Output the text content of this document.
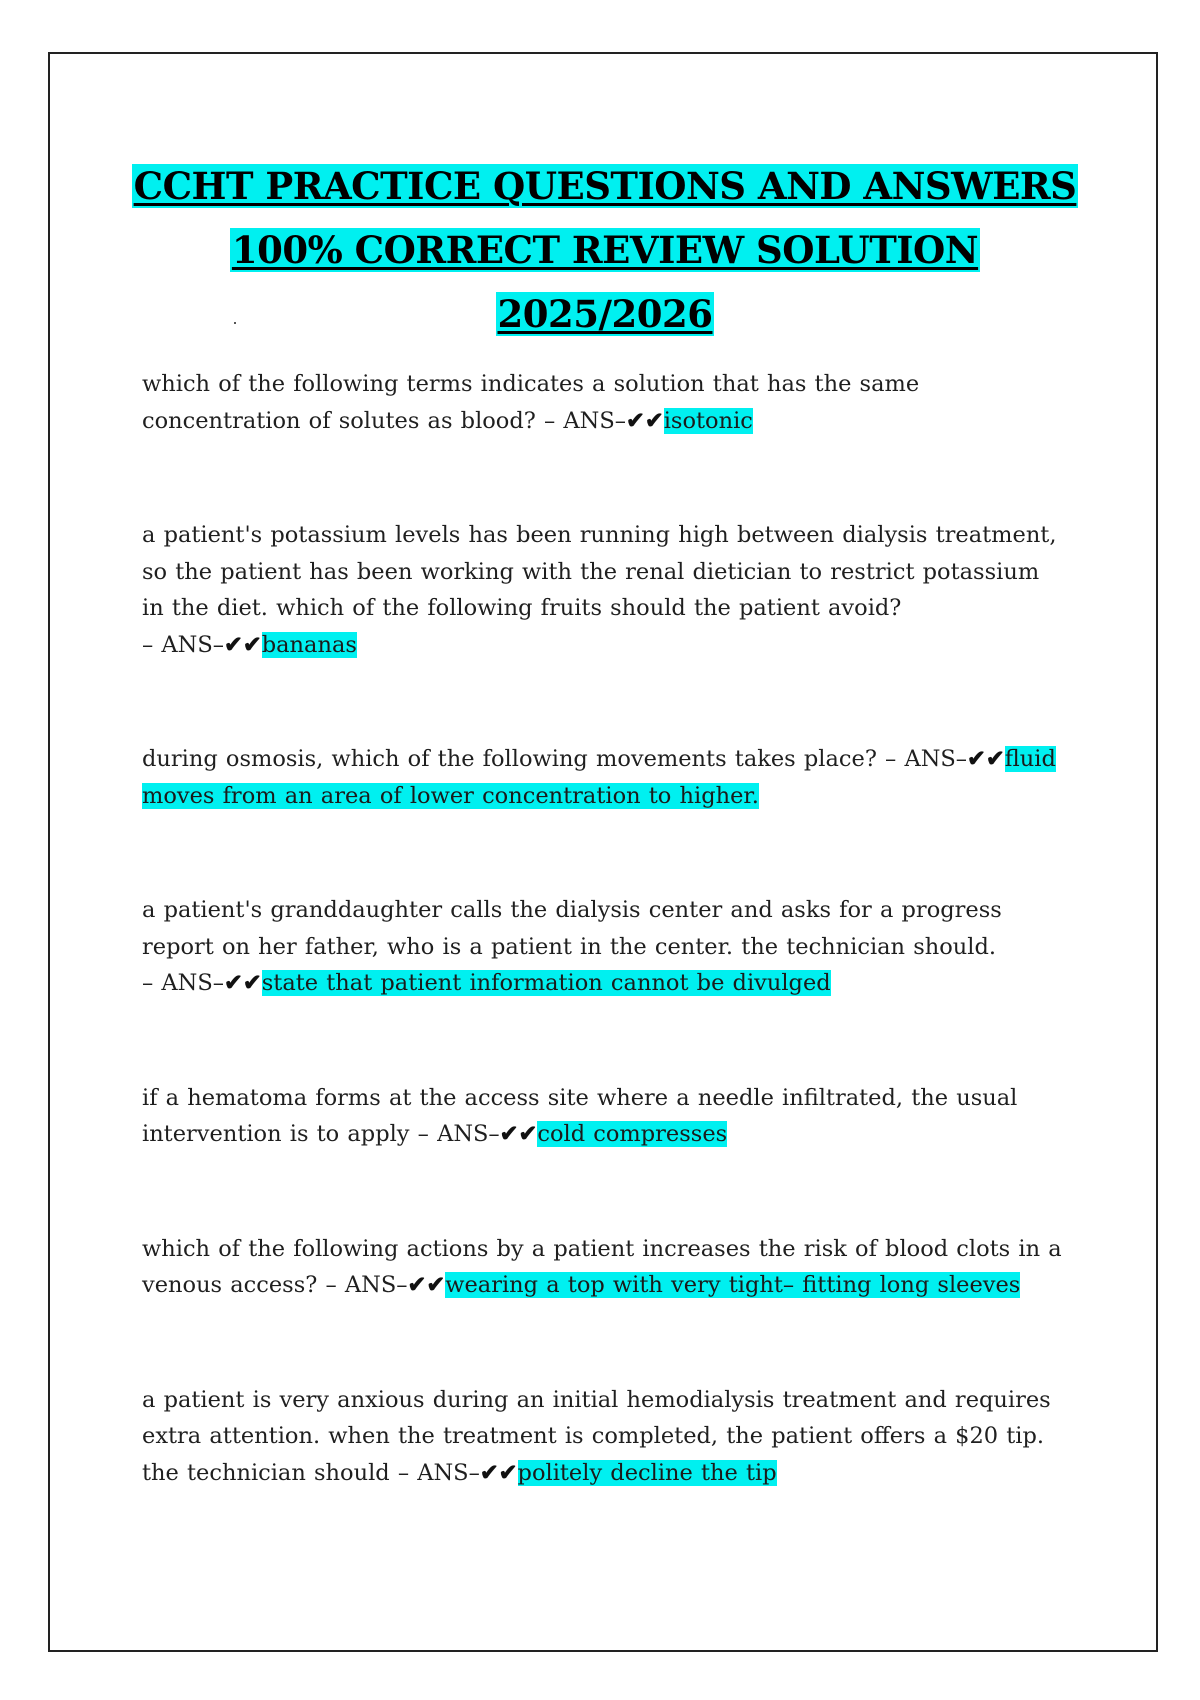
CCHT PRACTICE QUESTIONS AND ANSWERS
100% CORRECT REVIEW SOLUTION
2025/2026

which of the following terms indicates a solution that has the same concentration of solutes as blood? – ANS–✔✔isotonic

a patient's potassium levels has been running high between dialysis treatment, so the patient has been working with the renal dietician to restrict potassium in the diet. which of the following fruits should the patient avoid? – ANS–✔✔bananas

during osmosis, which of the following movements takes place? – ANS–✔✔fluid moves from an area of lower concentration to higher.

a patient's granddaughter calls the dialysis center and asks for a progress report on her father, who is a patient in the center. the technician should. – ANS–✔✔state that patient information cannot be divulged

if a hematoma forms at the access site where a needle infiltrated, the usual intervention is to apply – ANS–✔✔cold compresses

which of the following actions by a patient increases the risk of blood clots in a venous access? – ANS–✔✔wearing a top with very tight– fitting long sleeves

a patient is very anxious during an initial hemodialysis treatment and requires extra attention. when the treatment is completed, the patient offers a $20 tip. the technician should – ANS–✔✔politely decline the tip
